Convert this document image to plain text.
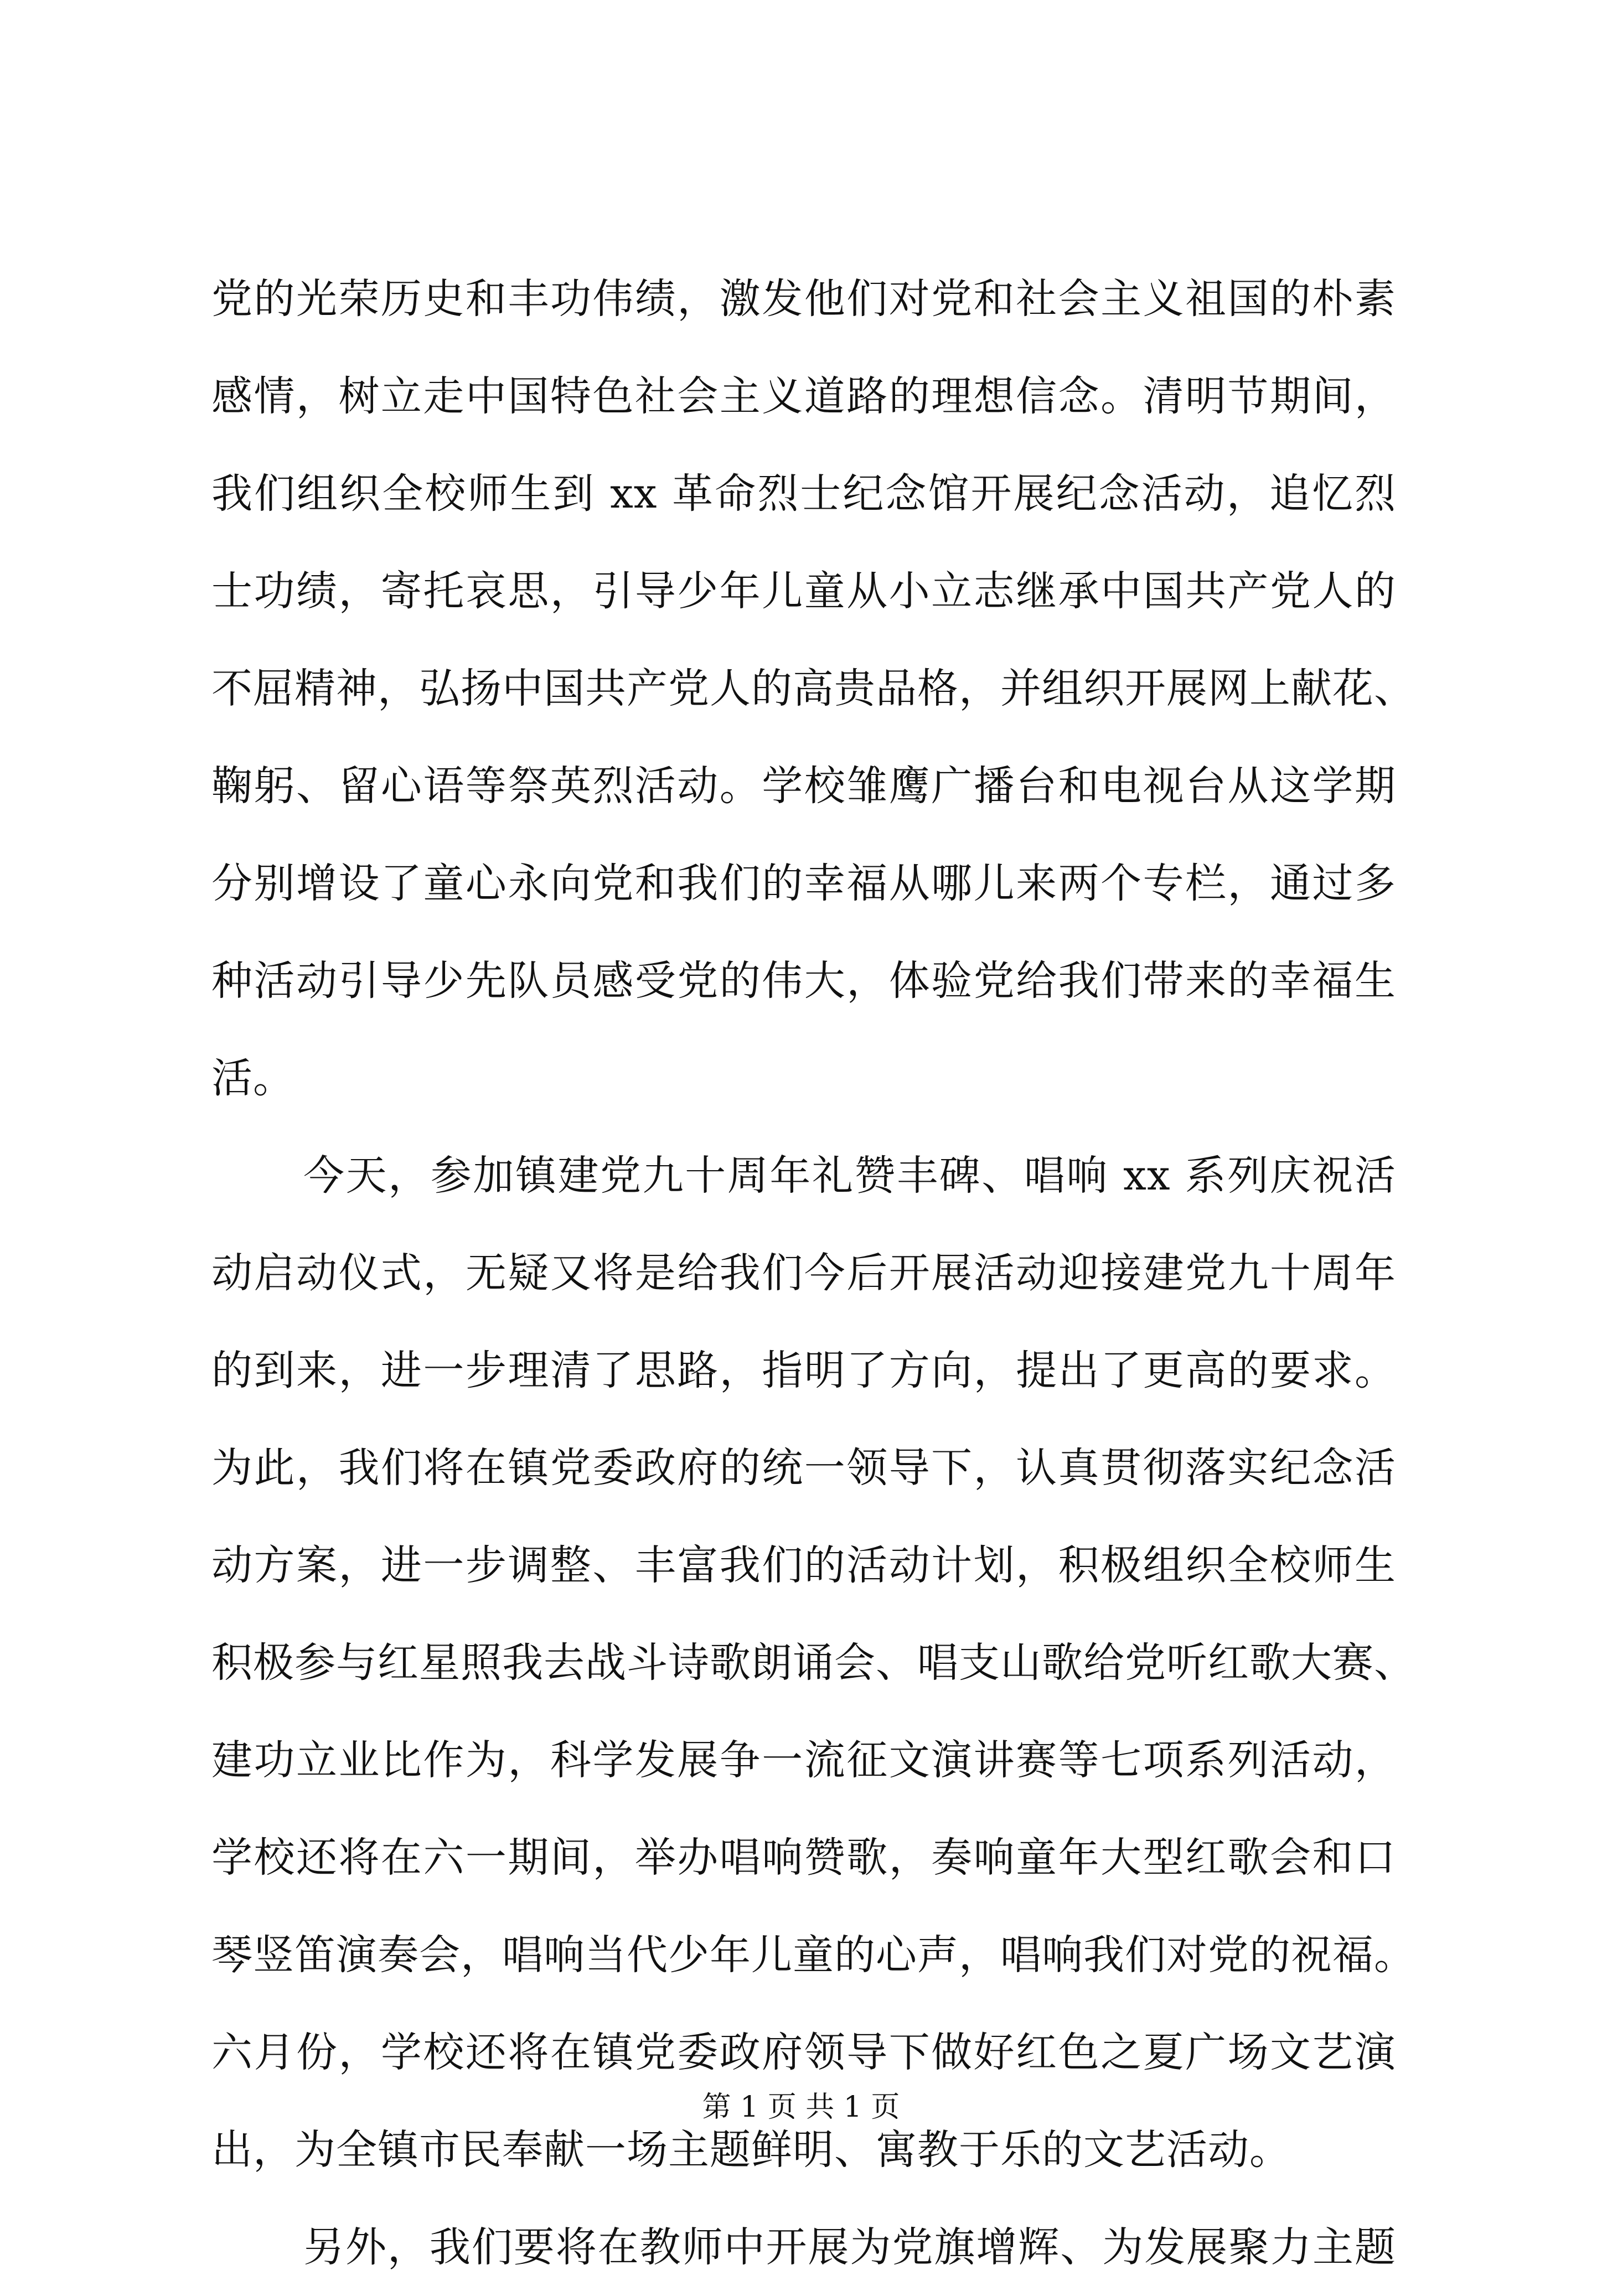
党的光荣历史和丰功伟绩，激发他们对党和社会主义祖国的朴素
感情，树立走中国特色社会主义道路的理想信念。清明节期间，
我们组织全校师生到 xx 革命烈士纪念馆开展纪念活动，追忆烈
士功绩，寄托哀思，引导少年儿童从小立志继承中国共产党人的
不屈精神，弘扬中国共产党人的高贵品格，并组织开展网上献花、
鞠躬、留心语等祭英烈活动。学校雏鹰广播台和电视台从这学期
分别增设了童心永向党和我们的幸福从哪儿来两个专栏，通过多
种活动引导少先队员感受党的伟大，体验党给我们带来的幸福生
活。
今天，参加镇建党九十周年礼赞丰碑、唱响 xx 系列庆祝活
动启动仪式，无疑又将是给我们今后开展活动迎接建党九十周年
的到来，进一步理清了思路，指明了方向，提出了更高的要求。
为此，我们将在镇党委政府的统一领导下，认真贯彻落实纪念活
动方案，进一步调整、丰富我们的活动计划，积极组织全校师生
积极参与红星照我去战斗诗歌朗诵会、唱支山歌给党听红歌大赛、
建功立业比作为，科学发展争一流征文演讲赛等七项系列活动，
学校还将在六一期间，举办唱响赞歌，奏响童年大型红歌会和口
琴竖笛演奏会，唱响当代少年儿童的心声，唱响我们对党的祝福。
六月份，学校还将在镇党委政府领导下做好红色之夏广场文艺演
出，为全镇市民奉献一场主题鲜明、寓教于乐的文艺活动。
另外，我们要将在教师中开展为党旗增辉、为发展聚力主题
第 1 页 共 1 页
